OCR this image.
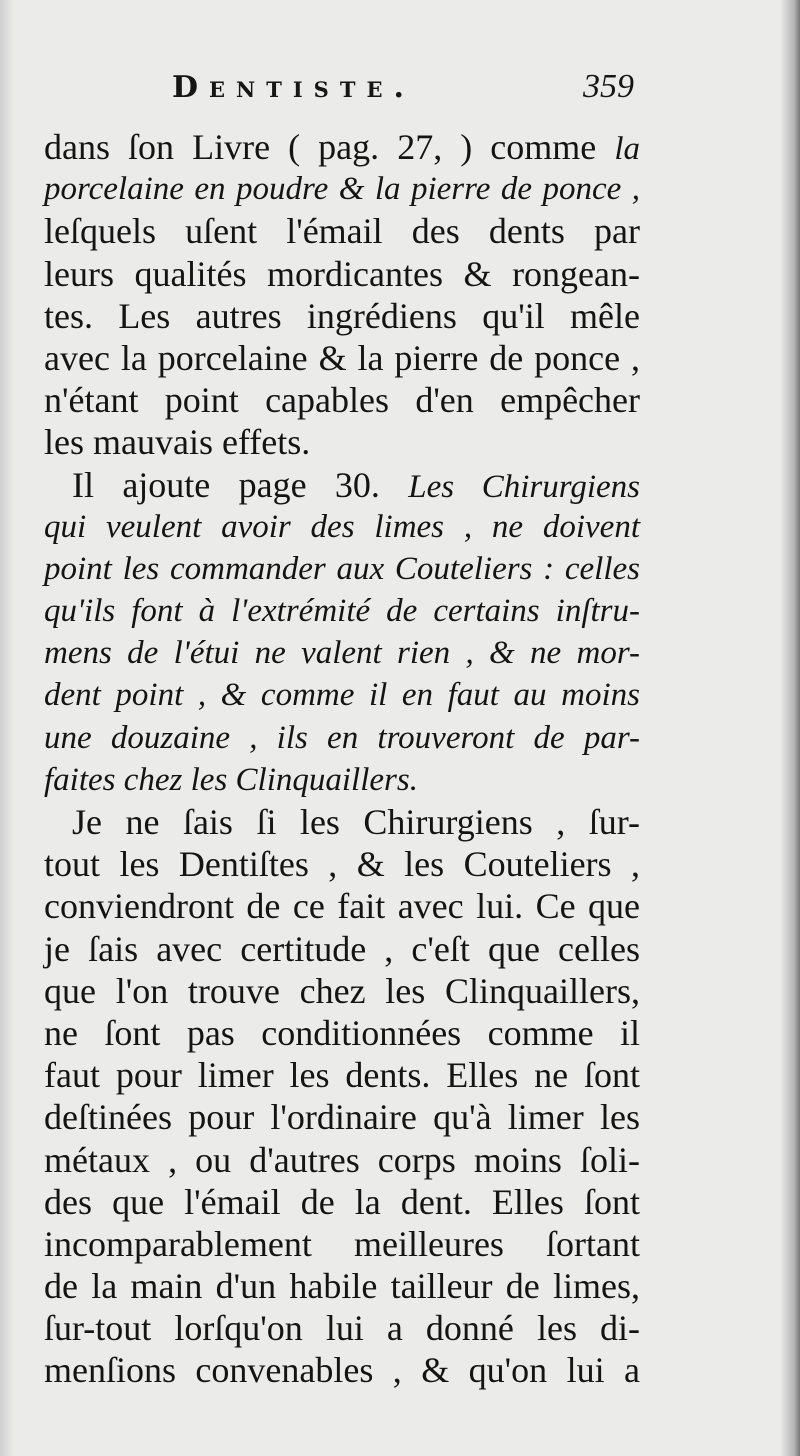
Dentiste.	359
dans ſon Livre ( pag. 27, ) comme la
porcelaine en poudre & la pierre de ponce ,
leſquels uſent l'émail des dents par
leurs qualités mordicantes & rongean-
tes. Les autres ingrédiens qu'il mêle
avec la porcelaine & la pierre de ponce ,
n'étant point capables d'en empêcher
les mauvais effets.
Il ajoute page 30. Les Chirurgiens
qui veulent avoir des limes , ne doivent
point les commander aux Couteliers : celles
qu'ils font à l'extrémité de certains inſtru-
mens de l'étui ne valent rien , & ne mor-
dent point , & comme il en faut au moins
une douzaine , ils en trouveront de par-
faites chez les Clinquaillers.
Je ne ſais ſi les Chirurgiens , ſur-
tout les Dentiſtes , & les Couteliers ,
conviendront de ce fait avec lui. Ce que
je ſais avec certitude , c'eſt que celles
que l'on trouve chez les Clinquaillers,
ne ſont pas conditionnées comme il
faut pour limer les dents. Elles ne ſont
deſtinées pour l'ordinaire qu'à limer les
métaux , ou d'autres corps moins ſoli-
des que l'émail de la dent. Elles ſont
incomparablement meilleures ſortant
de la main d'un habile tailleur de limes,
ſur-tout lorſqu'on lui a donné les di-
menſions convenables , & qu'on lui a
